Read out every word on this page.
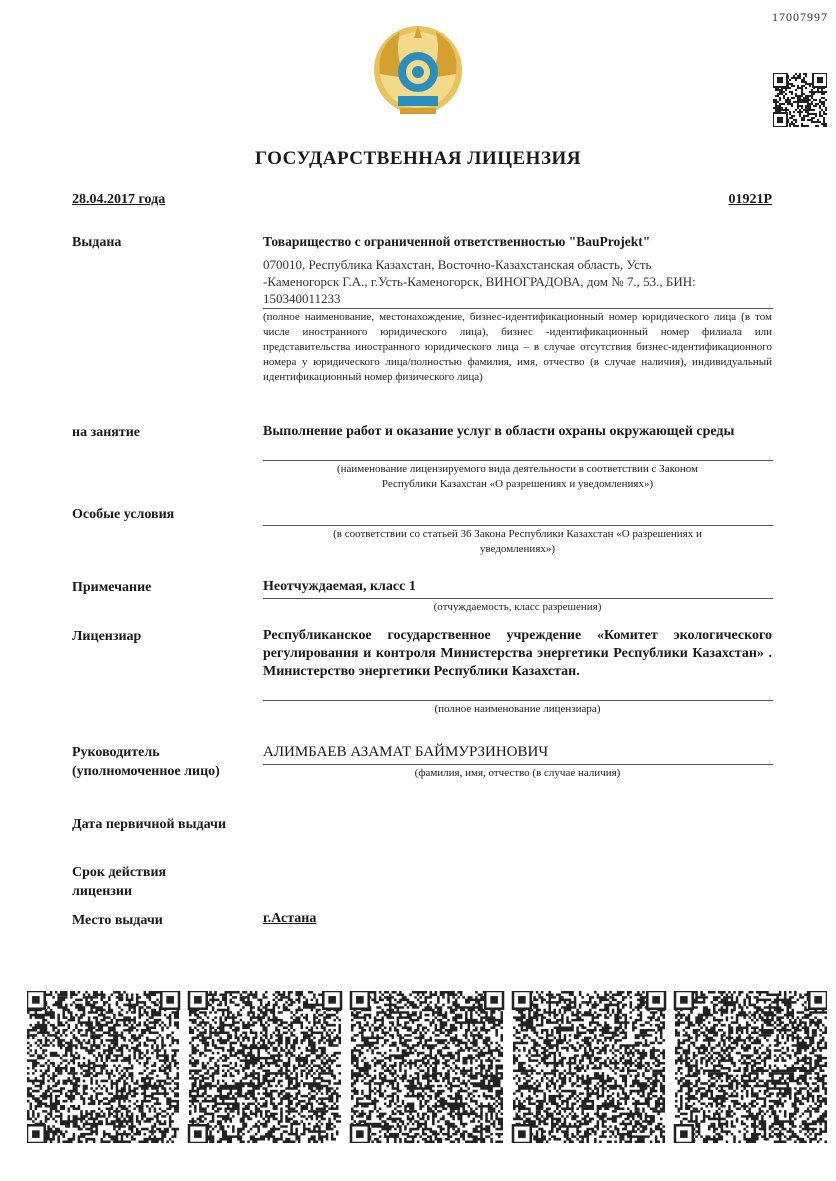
17007997
ГОСУДАРСТВЕННАЯ ЛИЦЕНЗИЯ
28.04.2017 года	01921P
Выдана	Товарищество с ограниченной ответственностью "BauProjekt"
070010, Республика Казахстан, Восточно-Казахстанская область, Усть
-Каменогорск Г.А., г.Усть-Каменогорск, ВИНОГРАДОВА, дом № 7., 53., БИН:
150340011233
(полное наименование, местонахождение, бизнес-идентификационный номер юридического лица (в том числе иностранного юридического лица), бизнес -идентификационный номер филиала или представительства иностранного юридического лица – в случае отсутствия бизнес-идентификационного номера у юридического лица/полностью фамилия, имя, отчество (в случае наличия), индивидуальный идентификационный номер физического лица)
на занятие	Выполнение работ и оказание услуг в области охраны окружающей среды
(наименование лицензируемого вида деятельности в соответствии с Законом
Республики Казахстан «О разрешениях и уведомлениях»)
Особые условия
(в соответствии со статьей 36 Закона Республики Казахстан «О разрешениях и
уведомлениях»)
Примечание	Неотчуждаемая, класс 1
(отчуждаемость, класс разрешения)
Лицензиар	Республиканское государственное учреждение «Комитет экологического регулирования и контроля Министерства энергетики Республики Казахстан» . Министерство энергетики Республики Казахстан.
(полное наименование лицензиара)
Руководитель
(уполномоченное лицо)
АЛИМБАЕВ АЗАМАТ БАЙМУРЗИНОВИЧ
(фамилия, имя, отчество (в случае наличия)
Дата первичной выдачи
Срок действия
лицензии
Место выдачи	г.Астана
